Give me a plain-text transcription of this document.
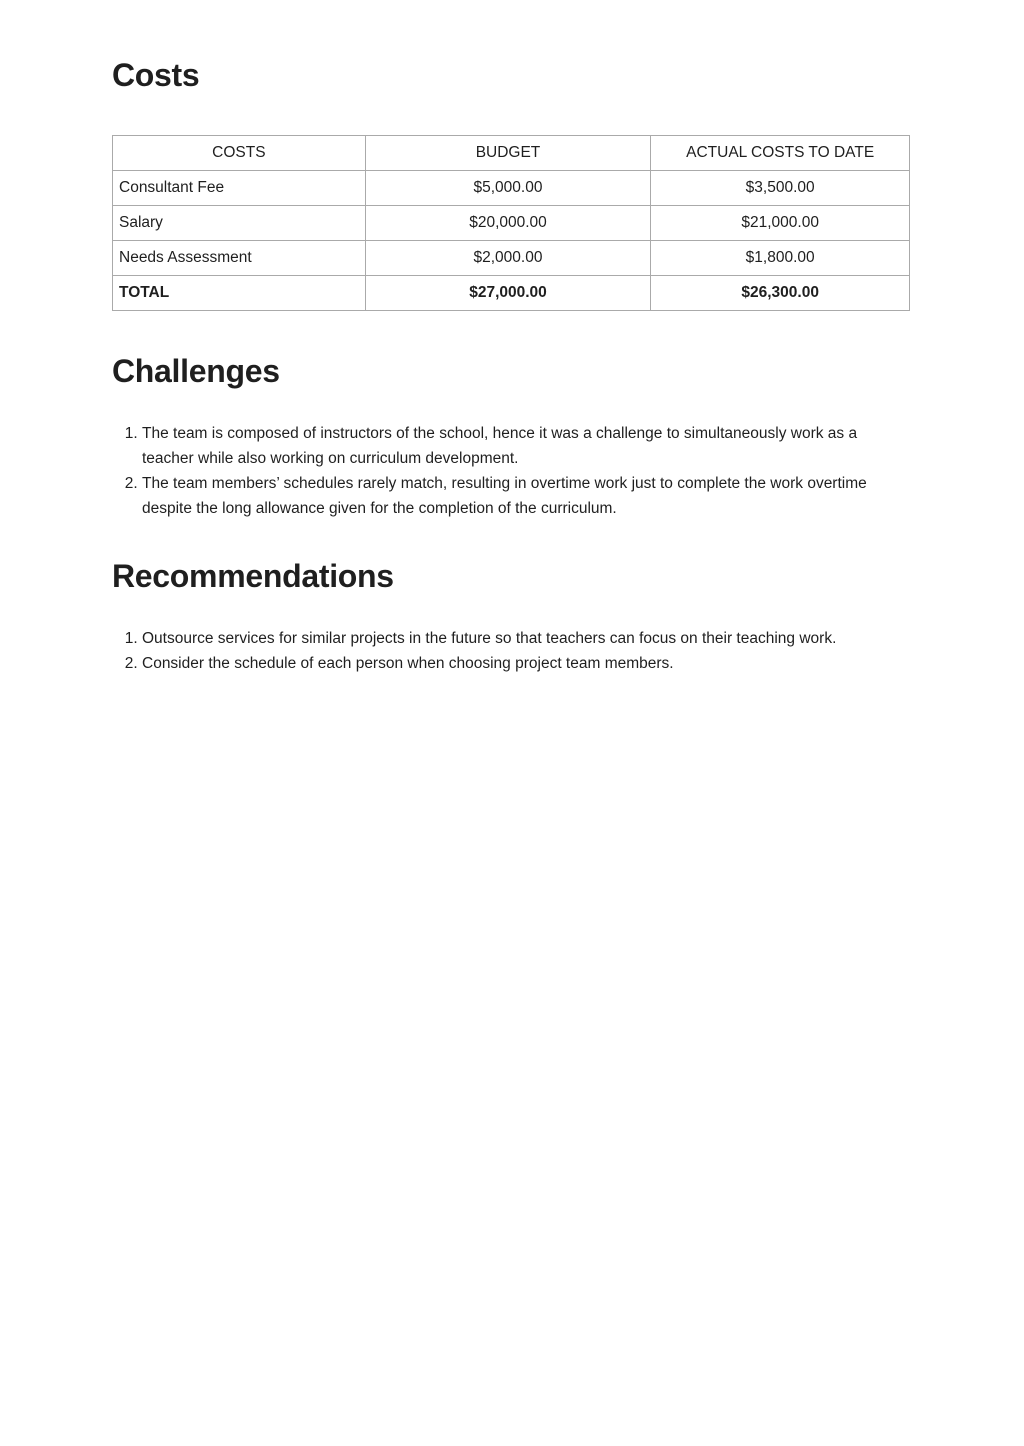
Costs
COSTS	BUDGET	ACTUAL COSTS TO DATE
Consultant Fee	$5,000.00	$3,500.00
Salary	$20,000.00	$21,000.00
Needs Assessment	$2,000.00	$1,800.00
TOTAL	$27,000.00	$26,300.00
Challenges
1. The team is composed of instructors of the school, hence it was a challenge to simultaneously work as a teacher while also working on curriculum development.
2. The team members’ schedules rarely match, resulting in overtime work just to complete the work overtime despite the long allowance given for the completion of the curriculum.
Recommendations
1. Outsource services for similar projects in the future so that teachers can focus on their teaching work.
2. Consider the schedule of each person when choosing project team members.
